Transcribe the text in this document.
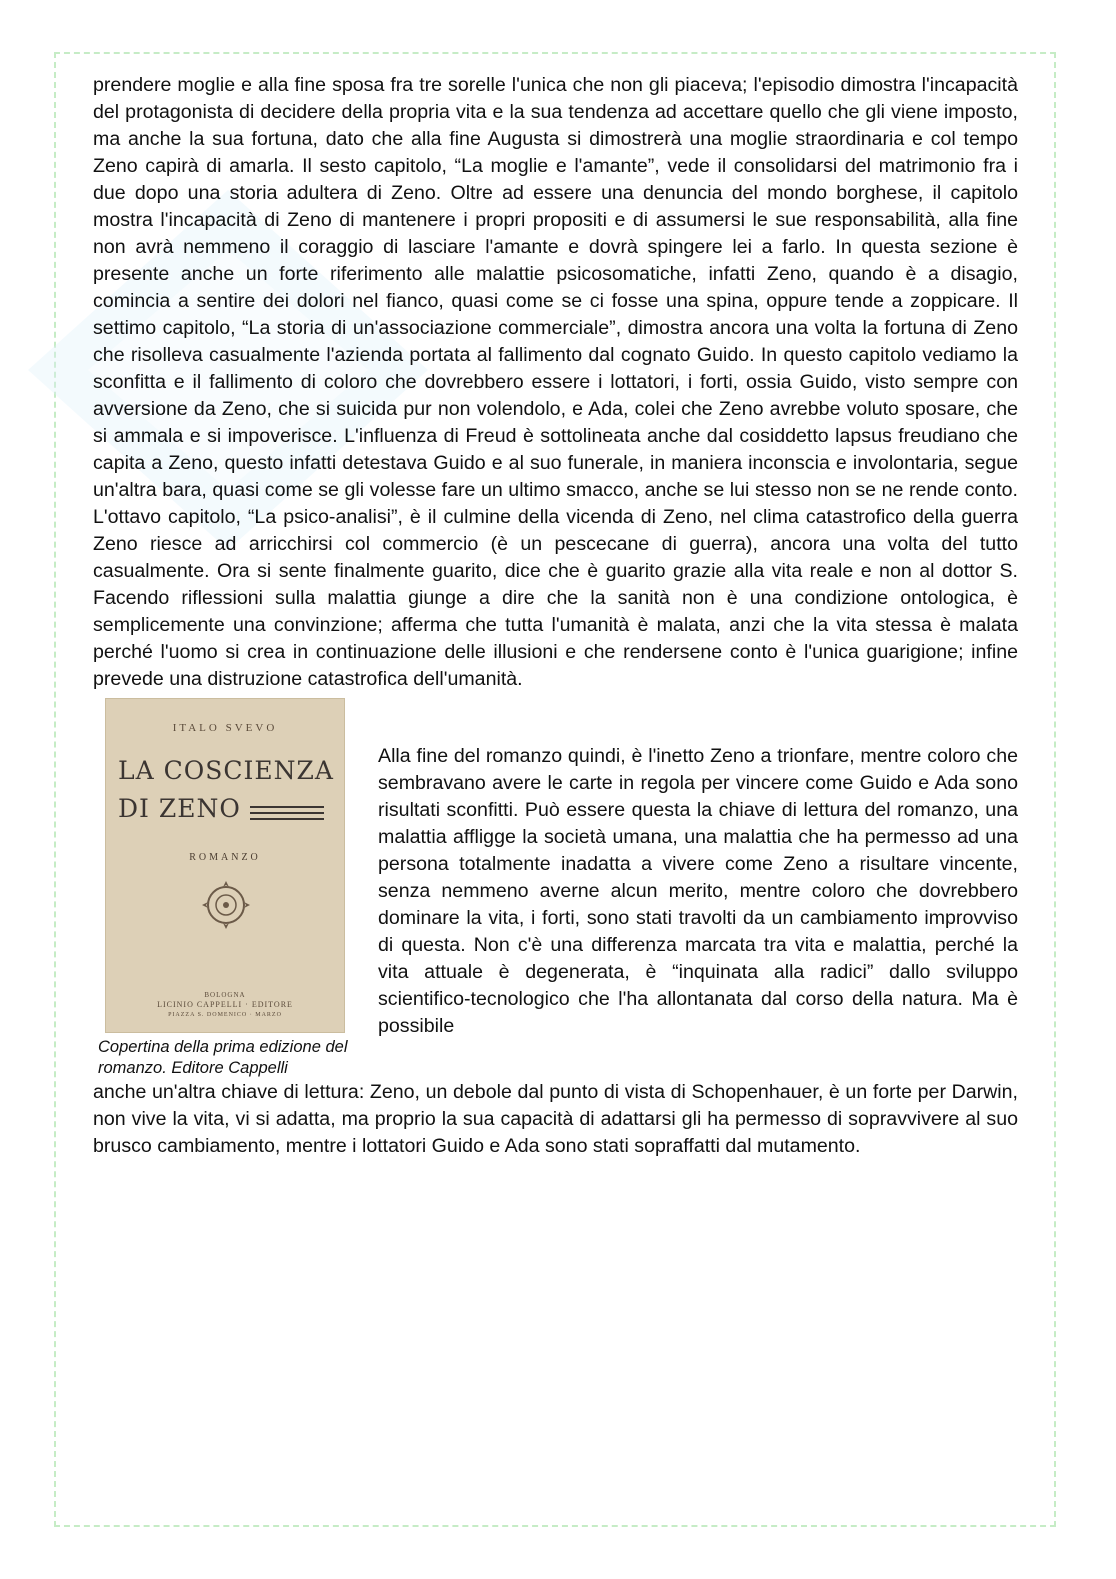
prendere moglie e alla fine sposa fra tre sorelle l'unica che non gli piaceva; l'episodio dimostra l'incapacità del protagonista di decidere della propria vita e la sua tendenza ad accettare quello che gli viene imposto, ma anche la sua fortuna, dato che alla fine Augusta si dimostrerà una moglie straordinaria e col tempo Zeno capirà di amarla. Il sesto capitolo, “La moglie e l'amante”, vede il consolidarsi del matrimonio fra i due dopo una storia adultera di Zeno. Oltre ad essere una denuncia del mondo borghese, il capitolo mostra l'incapacità di Zeno di mantenere i propri propositi e di assumersi le sue responsabilità, alla fine non avrà nemmeno il coraggio di lasciare l'amante e dovrà spingere lei a farlo. In questa sezione è presente anche un forte riferimento alle malattie psicosomatiche, infatti Zeno, quando è a disagio, comincia a sentire dei dolori nel fianco, quasi come se ci fosse una spina, oppure tende a zoppicare. Il settimo capitolo, “La storia di un'associazione commerciale”, dimostra ancora una volta la fortuna di Zeno che risolleva casualmente l'azienda portata al fallimento dal cognato Guido. In questo capitolo vediamo la sconfitta e il fallimento di coloro che dovrebbero essere i lottatori, i forti, ossia Guido, visto sempre con avversione da Zeno, che si suicida pur non volendolo, e Ada, colei che Zeno avrebbe voluto sposare, che si ammala e si impoverisce. L'influenza di Freud è sottolineata anche dal cosiddetto lapsus freudiano che capita a Zeno, questo infatti detestava Guido e al suo funerale, in maniera inconscia e involontaria, segue un'altra bara, quasi come se gli volesse fare un ultimo smacco, anche se lui stesso non se ne rende conto. L'ottavo capitolo, “La psico-analisi”, è il culmine della vicenda di Zeno, nel clima catastrofico della guerra Zeno riesce ad arricchirsi col commercio (è un pescecane di guerra), ancora una volta del tutto casualmente. Ora si sente finalmente guarito, dice che è guarito grazie alla vita reale e non al dottor S. Facendo riflessioni sulla malattia giunge a dire che la sanità non è una condizione ontologica, è semplicemente una convinzione; afferma che tutta l'umanità è malata, anzi che la vita stessa è malata perché l'uomo si crea in continuazione delle illusioni e che rendersene conto è l'unica guarigione; infine prevede una distruzione catastrofica dell'umanità.

ITALO SVEVO
LA COSCIENZA
DI ZENO
ROMANZO
BOLOGNA
LICINIO CAPPELLI · EDITORE
PIAZZA S. DOMENICO · MARZO
Copertina della prima edizione del romanzo. Editore Cappelli

Alla fine del romanzo quindi, è l'inetto Zeno a trionfare, mentre coloro che sembravano avere le carte in regola per vincere come Guido e Ada sono risultati sconfitti. Può essere questa la chiave di lettura del romanzo, una malattia affligge la società umana, una malattia che ha permesso ad una persona totalmente inadatta a vivere come Zeno a risultare vincente, senza nemmeno averne alcun merito, mentre coloro che dovrebbero dominare la vita, i forti, sono stati travolti da un cambiamento improvviso di questa. Non c'è una differenza marcata tra vita e malattia, perché la vita attuale è degenerata, è “inquinata alla radici” dallo sviluppo scientifico-tecnologico che l'ha allontanata dal corso della natura. Ma è possibile

anche un'altra chiave di lettura: Zeno, un debole dal punto di vista di Schopenhauer, è un forte per Darwin, non vive la vita, vi si adatta, ma proprio la sua capacità di adattarsi gli ha permesso di sopravvivere al suo brusco cambiamento, mentre i lottatori Guido e Ada sono stati sopraffatti dal mutamento.
